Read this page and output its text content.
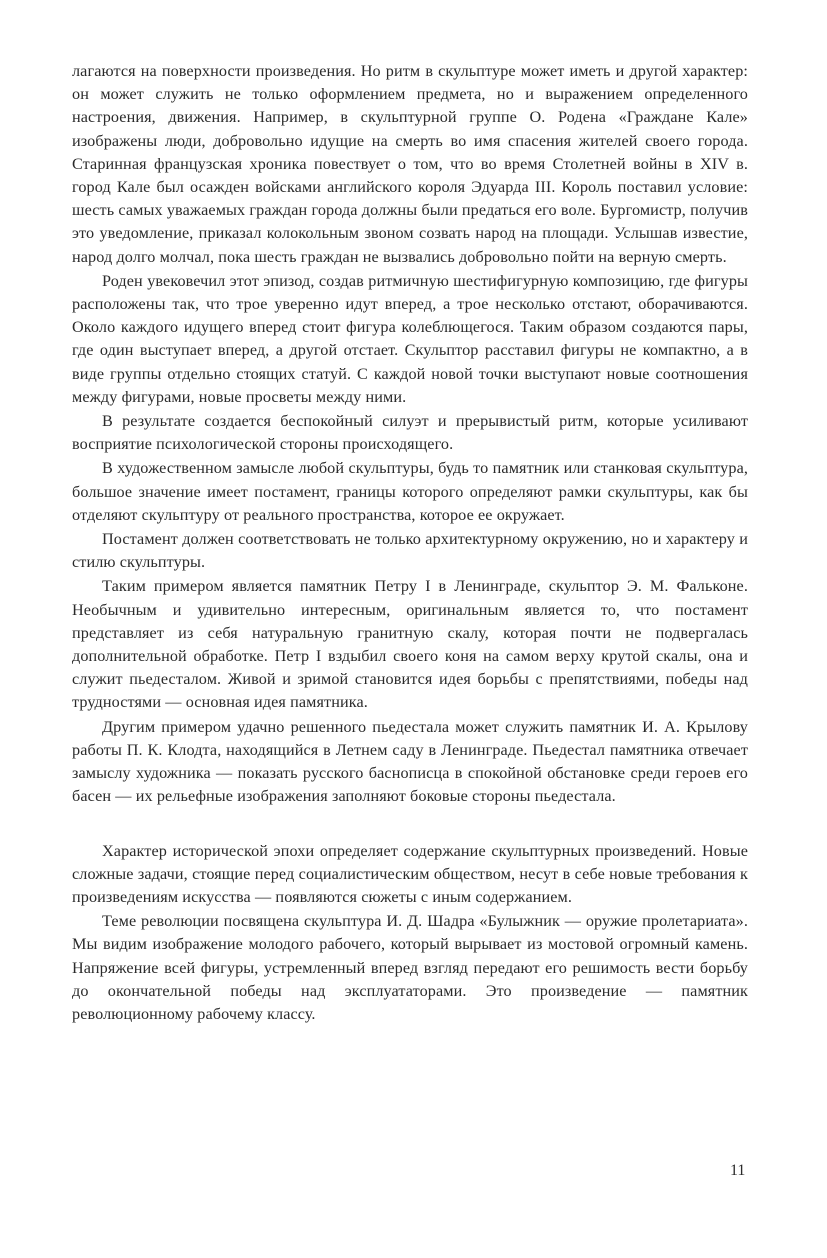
лагаются на поверхности произведения. Но ритм в скульптуре может иметь и другой характер: он может служить не только оформлением предмета, но и выражением определенного настроения, движения. Например, в скульптурной группе О. Родена «Граждане Кале» изображены люди, добровольно идущие на смерть во имя спасения жителей своего города. Старинная французская хроника повествует о том, что во время Столетней войны в XIV в. город Кале был осажден войсками английского короля Эдуарда III. Король поставил условие: шесть самых уважаемых граждан города должны были предаться его воле. Бургомистр, получив это уведомление, приказал колокольным звоном созвать народ на площади. Услышав известие, народ долго молчал, пока шесть граждан не вызвались добровольно пойти на верную смерть.

Роден увековечил этот эпизод, создав ритмичную шестифигурную композицию, где фигуры расположены так, что трое уверенно идут вперед, а трое несколько отстают, оборачиваются. Около каждого идущего вперед стоит фигура колеблющегося. Таким образом создаются пары, где один выступает вперед, а другой отстает. Скульптор расставил фигуры не компактно, а в виде группы отдельно стоящих статуй. С каждой новой точки выступают новые соотношения между фигурами, новые просветы между ними.

В результате создается беспокойный силуэт и прерывистый ритм, которые усиливают восприятие психологической стороны происходящего.

В художественном замысле любой скульптуры, будь то памятник или станковая скульптура, большое значение имеет постамент, границы которого определяют рамки скульптуры, как бы отделяют скульптуру от реального пространства, которое ее окружает.

Постамент должен соответствовать не только архитектурному окружению, но и характеру и стилю скульптуры.

Таким примером является памятник Петру I в Ленинграде, скульптор Э. М. Фальконе. Необычным и удивительно интересным, оригинальным является то, что постамент представляет из себя натуральную гранитную скалу, которая почти не подвергалась дополнительной обработке. Петр I вздыбил своего коня на самом верху крутой скалы, она и служит пьедесталом. Живой и зримой становится идея борьбы с препятствиями, победы над трудностями — основная идея памятника.

Другим примером удачно решенного пьедестала может служить памятник И. А. Крылову работы П. К. Клодта, находящийся в Летнем саду в Ленинграде. Пьедестал памятника отвечает замыслу художника — показать русского баснописца в спокойной обстановке среди героев его басен — их рельефные изображения заполняют боковые стороны пьедестала.

Характер исторической эпохи определяет содержание скульптурных произведений. Новые сложные задачи, стоящие перед социалистическим обществом, несут в себе новые требования к произведениям искусства — появляются сюжеты с иным содержанием.

Теме революции посвящена скульптура И. Д. Шадра «Булыжник — оружие пролетариата». Мы видим изображение молодого рабочего, который вырывает из мостовой огромный камень. Напряжение всей фигуры, устремленный вперед взгляд передают его решимость вести борьбу до окончательной победы над эксплуататорами. Это произведение — памятник революционному рабочему классу.

11
